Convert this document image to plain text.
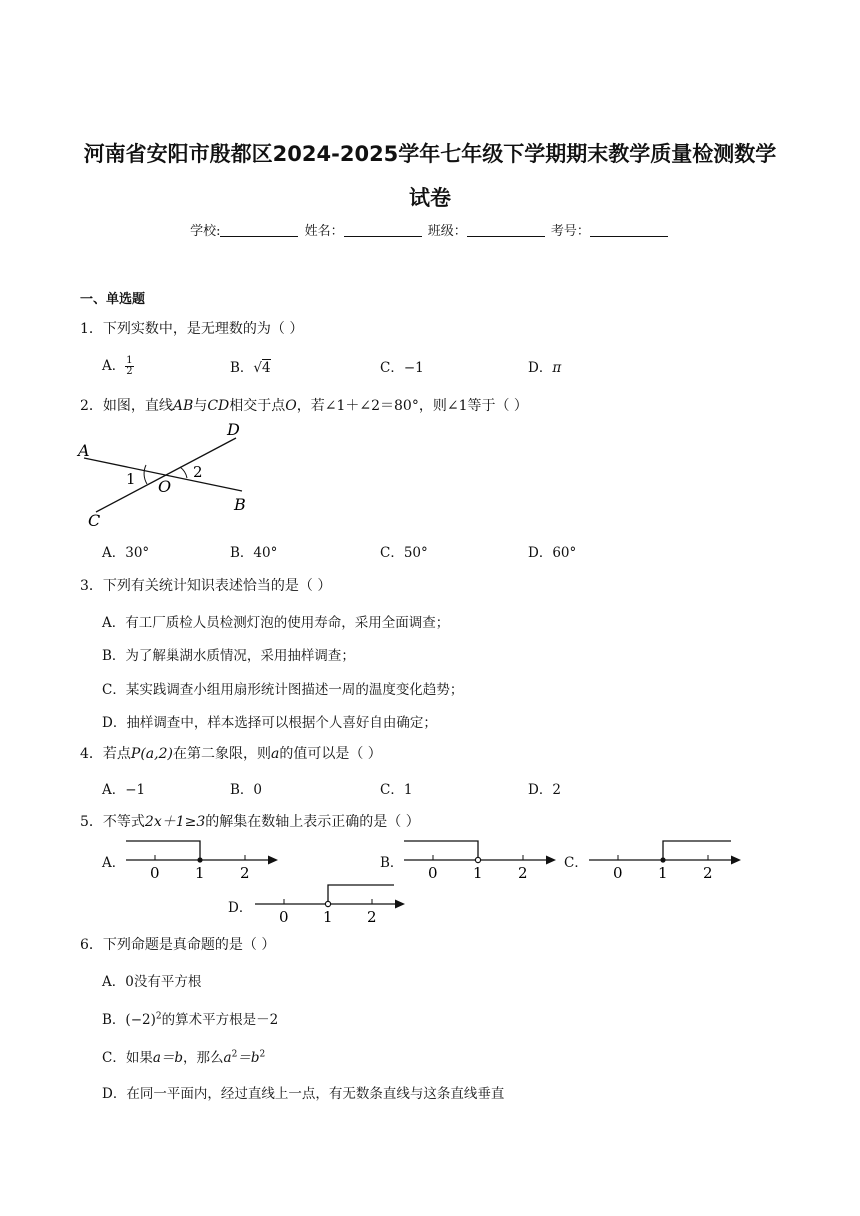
河南省安阳市殷都区2024-2025学年七年级下学期期末教学质量检测数学
试卷
学校:	姓名：	班级：	考号：
一、单选题
1．下列实数中，是无理数的为（ ）
A． $\frac{1}{2}$	B．√4	C．−1	D．π
2．如图，直线AB与CD相交于点O，若∠1＋∠2＝80°，则∠1等于（ ）
A
D
B
C
O
1	2
A．30°	B．40°	C．50°	D．60°
3．下列有关统计知识表述恰当的是（ ）
A．有工厂质检人员检测灯泡的使用寿命，采用全面调查；
B．为了解巢湖水质情况，采用抽样调查；
C．某实践调查小组用扇形统计图描述一周的温度变化趋势；
D．抽样调查中，样本选择可以根据个人喜好自由确定；
4．若点P(a,2)在第二象限，则a的值可以是（ ）
A．−1	B．0	C．1	D．2
5．不等式2x＋1≥3的解集在数轴上表示正确的是（ ）
A．
0 1 2
B．
0 1 2
C．
0 1 2
D． 0 1 2
6．下列命题是真命题的是（ ）
A．0没有平方根
B．$(-2)^2$的算术平方根是－2
C．如果a＝b，那么$a^2=b^2$
D．在同一平面内，经过直线上一点，有无数条直线与这条直线垂直
